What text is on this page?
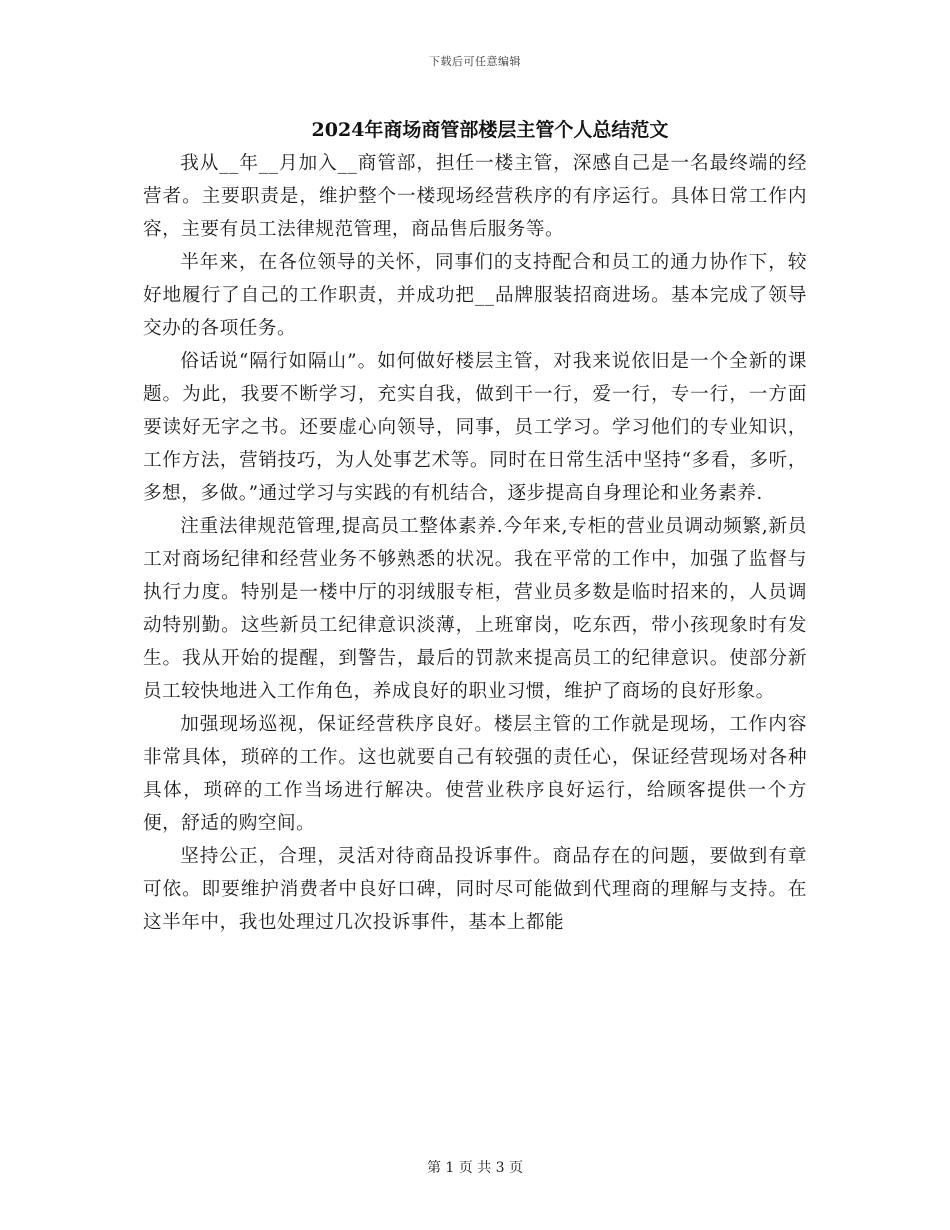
下载后可任意编辑
2024年商场商管部楼层主管个人总结范文

我从__年__月加入__商管部，担任一楼主管，深感自己是一名最终端的经营者。主要职责是，维护整个一楼现场经营秩序的有序运行。具体日常工作内容，主要有员工法律规范管理，商品售后服务等。

半年来，在各位领导的关怀，同事们的支持配合和员工的通力协作下，较好地履行了自己的工作职责，并成功把__品牌服装招商进场。基本完成了领导交办的各项任务。

俗话说“隔行如隔山”。如何做好楼层主管，对我来说依旧是一个全新的课题。为此，我要不断学习，充实自我，做到干一行，爱一行，专一行，一方面要读好无字之书。还要虚心向领导，同事，员工学习。学习他们的专业知识，工作方法，营销技巧，为人处事艺术等。同时在日常生活中坚持“多看，多听，多想，多做。”通过学习与实践的有机结合，逐步提高自身理论和业务素养.

注重法律规范管理,提高员工整体素养.今年来,专柜的营业员调动频繁,新员工对商场纪律和经营业务不够熟悉的状况。我在平常的工作中，加强了监督与执行力度。特别是一楼中厅的羽绒服专柜，营业员多数是临时招来的，人员调动特别勤。这些新员工纪律意识淡薄，上班窜岗，吃东西，带小孩现象时有发生。我从开始的提醒，到警告，最后的罚款来提高员工的纪律意识。使部分新员工较快地进入工作角色，养成良好的职业习惯，维护了商场的良好形象。

加强现场巡视，保证经营秩序良好。楼层主管的工作就是现场，工作内容非常具体，琐碎的工作。这也就要自己有较强的责任心，保证经营现场对各种具体，琐碎的工作当场进行解决。使营业秩序良好运行，给顾客提供一个方便，舒适的购空间。

坚持公正，合理，灵活对待商品投诉事件。商品存在的问题，要做到有章可依。即要维护消费者中良好口碑，同时尽可能做到代理商的理解与支持。在这半年中，我也处理过几次投诉事件，基本上都能

第 1 页 共 3 页
